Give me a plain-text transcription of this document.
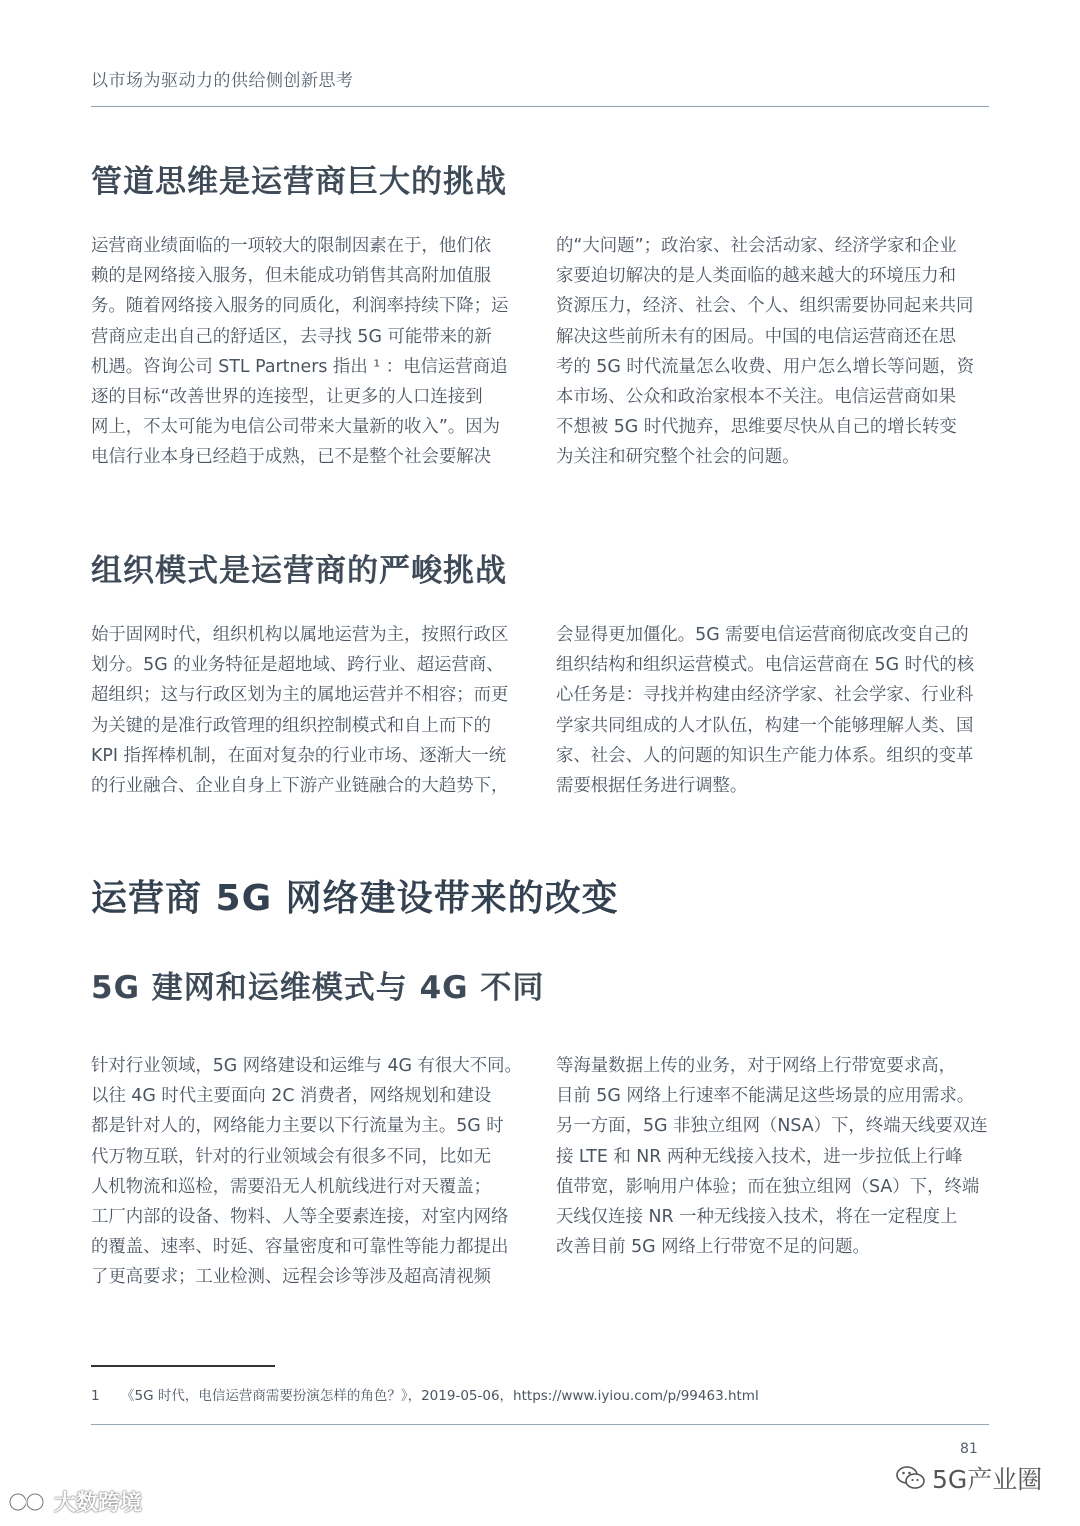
以市场为驱动力的供给侧创新思考
管道思维是运营商巨大的挑战
运营商业绩面临的一项较大的限制因素在于，他们依
赖的是网络接入服务，但未能成功销售其高附加值服
务。随着网络接入服务的同质化，利润率持续下降；运
营商应走出自己的舒适区，去寻找 5G 可能带来的新
机遇。咨询公司 STL Partners 指出 ¹ ：电信运营商追
逐的目标“改善世界的连接型，让更多的人口连接到
网上，不太可能为电信公司带来大量新的收入”。因为
电信行业本身已经趋于成熟，已不是整个社会要解决
的“大问题”；政治家、社会活动家、经济学家和企业
家要迫切解决的是人类面临的越来越大的环境压力和
资源压力，经济、社会、个人、组织需要协同起来共同
解决这些前所未有的困局。中国的电信运营商还在思
考的 5G 时代流量怎么收费、用户怎么增长等问题，资
本市场、公众和政治家根本不关注。电信运营商如果
不想被 5G 时代抛弃，思维要尽快从自己的增长转变
为关注和研究整个社会的问题。
组织模式是运营商的严峻挑战
始于固网时代，组织机构以属地运营为主，按照行政区
划分。5G 的业务特征是超地域、跨行业、超运营商、
超组织；这与行政区划为主的属地运营并不相容；而更
为关键的是准行政管理的组织控制模式和自上而下的
KPI 指挥棒机制，在面对复杂的行业市场、逐渐大一统
的行业融合、企业自身上下游产业链融合的大趋势下，
会显得更加僵化。5G 需要电信运营商彻底改变自己的
组织结构和组织运营模式。电信运营商在 5G 时代的核
心任务是：寻找并构建由经济学家、社会学家、行业科
学家共同组成的人才队伍，构建一个能够理解人类、国
家、社会、人的问题的知识生产能力体系。组织的变革
需要根据任务进行调整。
运营商 5G 网络建设带来的改变
5G 建网和运维模式与 4G 不同
针对行业领域，5G 网络建设和运维与 4G 有很大不同。
以往 4G 时代主要面向 2C 消费者，网络规划和建设
都是针对人的，网络能力主要以下行流量为主。5G 时
代万物互联，针对的行业领域会有很多不同，比如无
人机物流和巡检，需要沿无人机航线进行对天覆盖；
工厂内部的设备、物料、人等全要素连接，对室内网络
的覆盖、速率、时延、容量密度和可靠性等能力都提出
了更高要求；工业检测、远程会诊等涉及超高清视频
等海量数据上传的业务，对于网络上行带宽要求高，
目前 5G 网络上行速率不能满足这些场景的应用需求。
另一方面，5G 非独立组网（NSA）下，终端天线要双连
接 LTE 和 NR 两种无线接入技术，进一步拉低上行峰
值带宽，影响用户体验；而在独立组网（SA）下，终端
天线仅连接 NR 一种无线接入技术，将在一定程度上
改善目前 5G 网络上行带宽不足的问题。
1 《5G 时代，电信运营商需要扮演怎样的角色？》，2019-05-06，https://www.iyiou.com/p/99463.html
81
5G产业圈
大数跨境
